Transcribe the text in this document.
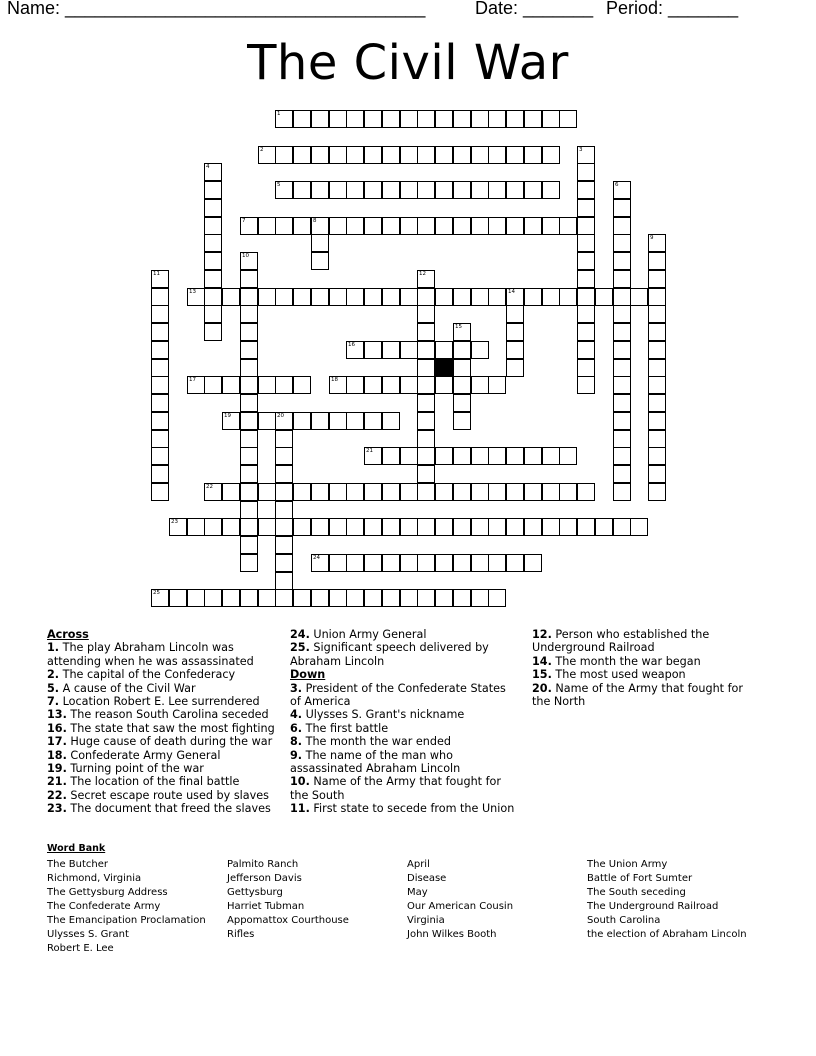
Name: ____________________________________	Date: _______ Period: _______
The Civil War
1
2
5
7	8
13	14
16
17	18
19	20
21
22
23
24
25
3
4
6
9
10
11	12
15
Across
1. The play Abraham Lincoln was attending when he was assassinated
2. The capital of the Confederacy
5. A cause of the Civil War
7. Location Robert E. Lee surrendered
13. The reason South Carolina seceded
16. The state that saw the most fighting
17. Huge cause of death during the war
18. Confederate Army General
19. Turning point of the war
21. The location of the final battle
22. Secret escape route used by slaves
23. The document that freed the slaves
24. Union Army General
25. Significant speech delivered by Abraham Lincoln
Down
3. President of the Confederate States of America
4. Ulysses S. Grant's nickname
6. The first battle
8. The month the war ended
9. The name of the man who assassinated Abraham Lincoln
10. Name of the Army that fought for the South
11. First state to secede from the Union
12. Person who established the Underground Railroad
14. The month the war began
15. The most used weapon
20. Name of the Army that fought for the North
Word Bank
The Butcher
Richmond, Virginia
The Gettysburg Address
The Confederate Army
The Emancipation Proclamation
Ulysses S. Grant
Robert E. Lee
Palmito Ranch
Jefferson Davis
Gettysburg
Harriet Tubman
Appomattox Courthouse
Rifles
April
Disease
May
Our American Cousin
Virginia
John Wilkes Booth
The Union Army
Battle of Fort Sumter
The South seceding
The Underground Railroad
South Carolina
the election of Abraham Lincoln
